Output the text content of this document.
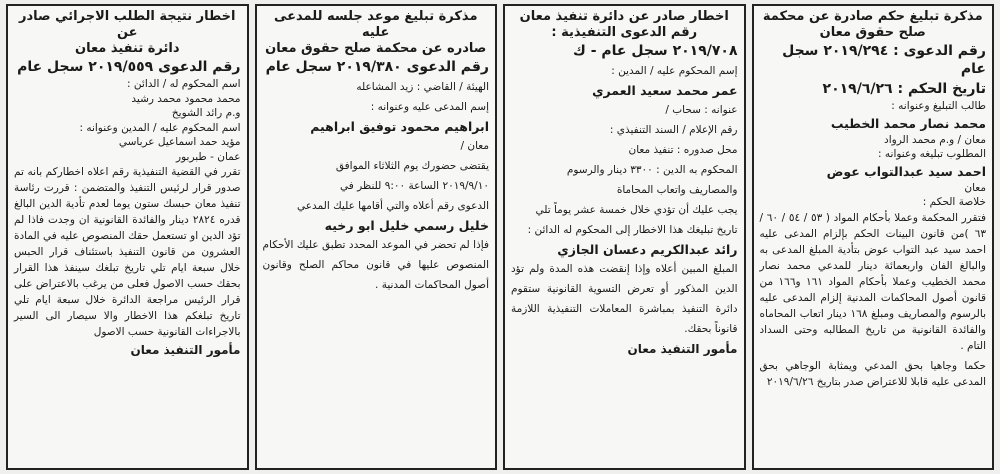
مذكرة تبليغ حكم صادرة عن محكمة

صلح حقوق معان

رقم الدعوى : ٢٠١٩/٢٩٤ سجل عام

تاريخ الحكم : ٢٠١٩/٦/٢٦

طالب التبليغ وعنوانه :

محمد نصار محمد الخطيب

معان / و.م محمد الرواد

المطلوب تبليغه وعنوانه :

احمد سيد عبدالتواب عوض

معان

خلاصة الحكم :

فتقرر المحكمة وعملا بأحكام المواد ( ٥٣ / ٥٤ / ٦٠ / ٦٣ )من قانون البينات الحكم بإلزام المدعى عليه احمد سيد عبد التواب عوض بتأدية المبلغ المدعى به والبالغ الفان واربعمائة دينار للمدعي محمد نصار محمد الخطيب وعملا بأحكام المواد ١٦١ و١٦٦ من قانون أصول المحاكمات المدنية إلزام المدعى عليه بالرسوم والمصاريف ومبلغ ١٦٨ دينار اتعاب المحاماه والفائدة القانونية من تاريخ المطالبه وحتى السداد التام .

حكما وجاهيا بحق المدعي ويمثابة الوجاهي بحق المدعى عليه قابلا للاعتراض صدر بتاريخ ٢٠١٩/٦/٢٦

اخطار صادر عن دائرة تنفيذ معان

رقم الدعوى التنفيذية :

٢٠١٩/٧٠٨ سجل عام - ك

إسم المحكوم عليه / المدين :

عمر محمد سعيد العمري

عنوانه : سحاب /

رقم الإعلام / السند التنفيذي :

محل صدوره : تنفيذ معان

المحكوم به الدين : ٣٣٠٠ دينار والرسوم

والمصاريف واتعاب المحاماة

يجب عليك أن تؤدي خلال خمسة عشر يوماً تلي

تاريخ تبليغك هذا الاخطار إلى المحكوم له الدائن :

رائد عبدالكريم دعسان الجازي

المبلغ المبين أعلاه وإذا إنقضت هذه المدة ولم تؤد الدين المذكور أو تعرض التسوية القانونية ستقوم دائرة التنفيذ بمباشرة المعاملات التنفيذية اللازمة قانوناً بحقك.

مأمور التنفيذ معان

مذكرة تبليغ موعد جلسه للمدعى عليه

صادره عن محكمة صلح حقوق معان

رقم الدعوى ٢٠١٩/٣٨٠ سجل عام

الهيئة / القاضي : زيد المشاعله

إسم المدعى عليه وعنوانه :

ابراهيم محمود توفيق ابراهيم

معان /

يقتضى حضورك يوم الثلاثاء الموافق

٢٠١٩/٩/١٠ الساعة ٩:٠٠ للنظر في

الدعوى رقم أعلاه والتي أقامها عليك المدعي

خليل رسمي خليل ابو رخيه

فإذا لم تحضر في الموعد المحدد تطبق عليك الأحكام المنصوص عليها في قانون محاكم الصلح وقانون أصول المحاكمات المدنية .

اخطار نتيجة الطلب الاجرائي صادر عن

دائرة تنفيذ معان

رقم الدعوى ٢٠١٩/٥٥٩ سجل عام

اسم المحكوم له / الدائن :

محمد محمود محمد رشيد

و.م رائد الشويخ

اسم المحكوم عليه / المدين وعنوانه :

مؤيد حمد اسماعيل عرباسي

عمان - طبربور

تقرر في القضية التنفيذية رقم اعلاه اخطاركم بانه تم صدور قرار لرئيس التنفيذ والمتضمن : قررت رئاسة تنفيذ معان حبسك ستون يوما لعدم تأدية الدين البالغ قدره ٢٨٢٤ دينار والفائدة القانونية ان وجدت فاذا لم تؤد الدين او تستعمل حقك المنصوص عليه في المادة العشرون من قانون التنفيذ باستئناف قرار الحبس خلال سبعة ايام تلي تاريخ تبلغك سينفذ هذا القرار بحقك حسب الاصول فعلى من يرغب بالاعتراض على قرار الرئيس مراجعة الدائرة خلال سبعة ايام تلي تاريخ تبلغكم هذا الاخطار والا سيصار الى السير بالاجراءات القانونية حسب الاصول

مأمور التنفيذ معان
